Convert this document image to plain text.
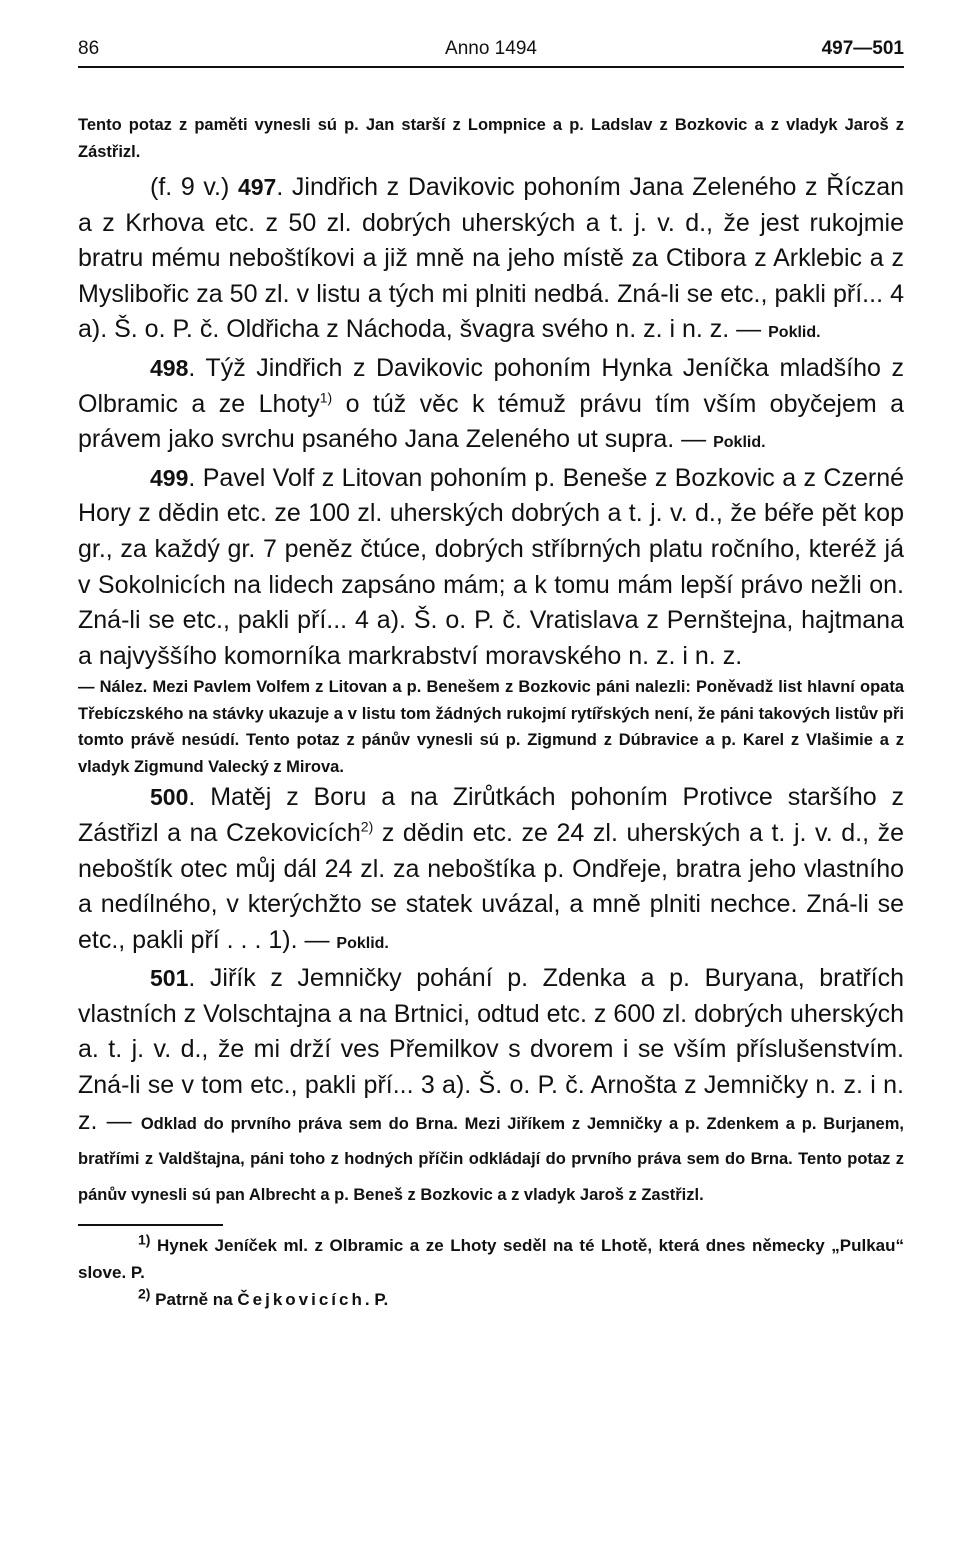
86	Anno 1494	497—501

Tento potaz z paměti vynesli sú p. Jan starší z Lompnice a p. Ladslav z Bozkovic a z vladyk Jaroš z Zástřizl.

(f. 9 v.) 497. Jindřich z Davikovic pohoním Jana Zeleného z Říczan a z Krhova etc. z 50 zl. dobrých uherských a t. j. v. d., že jest rukojmie bratru mému neboštíkovi a již mně na jeho místě za Ctibora z Arklebic a z Myslibořic za 50 zl. v listu a tých mi plniti nedbá. Zná-li se etc., pakli pří... 4 a). Š. o. P. č. Oldřicha z Náchoda, švagra svého n. z. i n. z. — Poklid.

498. Týž Jindřich z Davikovic pohoním Hynka Jeníčka mladšího z Olbramic a ze Lhoty$^{1)}$ o túž věc k témuž právu tím vším obyčejem a právem jako svrchu psaného Jana Zeleného ut supra. — Poklid.

499. Pavel Volf z Litovan pohoním p. Beneše z Bozkovic a z Czerné Hory z dědin etc. ze 100 zl. uherských dobrých a t. j. v. d., že béře pět kop gr., za každý gr. 7 peněz čtúce, dobrých stříbrných platu ročního, kteréž já v Sokolnicích na lidech zapsáno mám; a k tomu mám lepší právo nežli on. Zná-li se etc., pakli pří... 4 a). Š. o. P. č. Vratislava z Pernštejna, hajtmana a najvyššího komorníka markrabství moravského n. z. i n. z.

— Nález. Mezi Pavlem Volfem z Litovan a p. Benešem z Bozkovic páni nalezli: Poněvadž list hlavní opata Třebíczského na stávky ukazuje a v listu tom žádných rukojmí rytířských není, že páni takových listův při tomto právě nesúdí. Tento potaz z pánův vynesli sú p. Zigmund z Dúbravice a p. Karel z Vlašimie a z vladyk Zigmund Valecký z Mirova.

500. Matěj z Boru a na Zirůtkách pohoním Protivce staršího z Zástřizl a na Czekovicích$^{2)}$ z dědin etc. ze 24 zl. uherských a t. j. v. d., že neboštík otec můj dál 24 zl. za neboštíka p. Ondřeje, bratra jeho vlastního a nedílného, v kterýchžto se statek uvázal, a mně plniti nechce. Zná-li se etc., pakli pří . . . 1). — Poklid.

501. Jiřík z Jemničky pohání p. Zdenka a p. Buryana, bratřích vlastních z Volschtajna a na Brtnici, odtud etc. z 600 zl. dobrých uherských a. t. j. v. d., že mi drží ves Přemilkov s dvorem i se vším příslušenstvím. Zná-li se v tom etc., pakli pří... 3 a). Š. o. P. č. Arnošta z Jemničky n. z. i n. z. — Odklad do prvního práva sem do Brna. Mezi Jiříkem z Jemničky a p. Zdenkem a p. Burjanem, bratřími z Valdštajna, páni toho z hodných příčin odkládají do prvního práva sem do Brna. Tento potaz z pánův vynesli sú pan Albrecht a p. Beneš z Bozkovic a z vladyk Jaroš z Zastřizl.

$^{1)}$ Hynek Jeníček ml. z Olbramic a ze Lhoty seděl na té Lhotě, která dnes německy „Pulkau“ slove. P.

$^{2)}$ Patrně na Čejkovicích. P.
